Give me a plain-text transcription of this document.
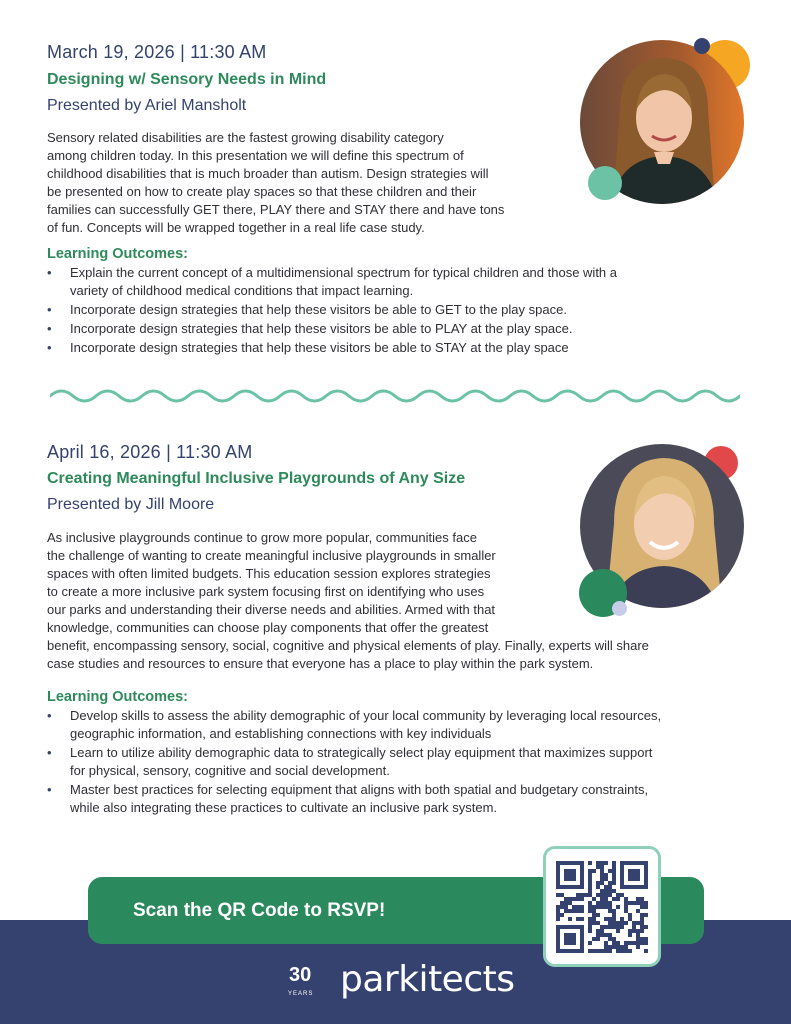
March 19, 2026 | 11:30 AM
Designing w/ Sensory Needs in Mind
Presented by Ariel Mansholt
Sensory related disabilities are the fastest growing disability category
among children today. In this presentation we will define this spectrum of
childhood disabilities that is much broader than autism. Design strategies will
be presented on how to create play spaces so that these children and their
families can successfully GET there, PLAY there and STAY there and have tons
of fun. Concepts will be wrapped together in a real life case study.
Learning Outcomes:
• Explain the current concept of a multidimensional spectrum for typical children and those with a
variety of childhood medical conditions that impact learning.
• Incorporate design strategies that help these visitors be able to GET to the play space.
• Incorporate design strategies that help these visitors be able to PLAY at the play space.
• Incorporate design strategies that help these visitors be able to STAY at the play space
April 16, 2026 | 11:30 AM
Creating Meaningful Inclusive Playgrounds of Any Size
Presented by Jill Moore
As inclusive playgrounds continue to grow more popular, communities face
the challenge of wanting to create meaningful inclusive playgrounds in smaller
spaces with often limited budgets. This education session explores strategies
to create a more inclusive park system focusing first on identifying who uses
our parks and understanding their diverse needs and abilities. Armed with that
knowledge, communities can choose play components that offer the greatest
benefit, encompassing sensory, social, cognitive and physical elements of play. Finally, experts will share
case studies and resources to ensure that everyone has a place to play within the park system.
Learning Outcomes:
• Develop skills to assess the ability demographic of your local community by leveraging local resources,
geographic information, and establishing connections with key individuals
• Learn to utilize ability demographic data to strategically select play equipment that maximizes support
for physical, sensory, cognitive and social development.
• Master best practices for selecting equipment that aligns with both spatial and budgetary constraints,
while also integrating these practices to cultivate an inclusive park system.
Scan the QR Code to RSVP!
30
YEARS parkitects
